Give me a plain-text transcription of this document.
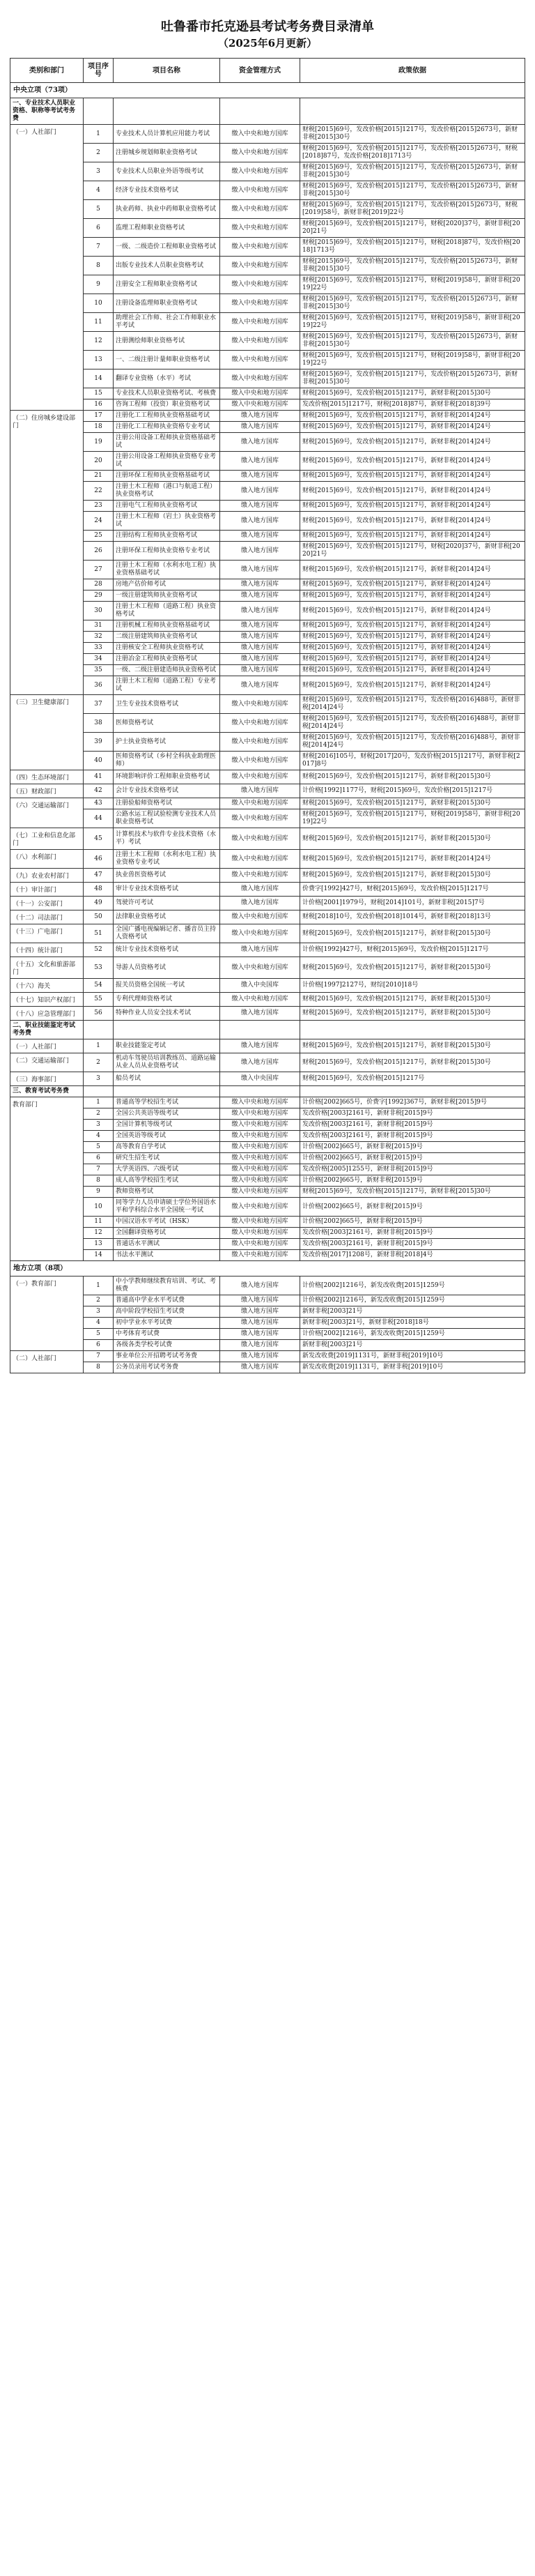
吐鲁番市托克逊县考试考务费目录清单
（2025年6月更新）
类别和部门	项目序号	项目名称	资金管理方式	政策依据
中央立项（73项）				
一、专业技术人员职业资格、职称等考试考务费				
（一）人社部门	1	专业技术人员计算机应用能力考试	缴入中央和地方国库	财税[2015]69号，发改价格[2015]1217号，发改价格[2015]2673号，新财非税[2015]30号
	2	注册城乡规划师职业资格考试	缴入中央和地方国库	财税[2015]69号，发改价格[2015]1217号，发改价格[2015]2673号，财税[2018]87号，发改价格[2018]1713号
	3	专业技术人员职业外语等级考试	缴入中央和地方国库	财税[2015]69号，发改价格[2015]1217号，发改价格[2015]2673号，新财非税[2015]30号
	4	经济专业技术资格考试	缴入中央和地方国库	财税[2015]69号，发改价格[2015]1217号，发改价格[2015]2673号，新财非税[2015]30号
	5	执业药师、执业中药师职业资格考试	缴入中央和地方国库	财税[2015]69号，发改价格[2015]1217号，发改价格[2015]2673号，财税[2019]58号，新财非税[2019]22号
	6	监理工程师职业资格考试	缴入中央和地方国库	财税[2015]69号，发改价格[2015]1217号，财税[2020]37号，新财非税[2020]21号
	7	一级、二级造价工程师职业资格考试	缴入中央和地方国库	财税[2015]69号，发改价格[2015]1217号，财税[2018]87号，发改价格[2018]1713号
	8	出版专业技术人员职业资格考试	缴入中央和地方国库	财税[2015]69号，发改价格[2015]1217号，发改价格[2015]2673号，新财非税[2015]30号
	9	注册安全工程师职业资格考试	缴入中央和地方国库	财税[2015]69号，发改价格[2015]1217号，财税[2019]58号，新财非税[2019]22号
	10	注册设备监理师职业资格考试	缴入中央和地方国库	财税[2015]69号，发改价格[2015]1217号，发改价格[2015]2673号，新财非税[2015]30号
	11	助理社会工作师、社会工作师职业水平考试	缴入中央和地方国库	财税[2015]69号，发改价格[2015]1217号，财税[2019]58号，新财非税[2019]22号
	12	注册测绘师职业资格考试	缴入中央和地方国库	财税[2015]69号，发改价格[2015]1217号，发改价格[2015]2673号，新财非税[2015]30号
	13	一、二级注册计量师职业资格考试	缴入中央和地方国库	财税[2015]69号，发改价格[2015]1217号，财税[2019]58号，新财非税[2019]22号
	14	翻译专业资格（水平）考试	缴入中央和地方国库	财税[2015]69号，发改价格[2015]1217号，发改价格[2015]2673号，新财非税[2015]30号
	15	专业技术人员职业资格考试、考核费	缴入中央和地方国库	财税[2015]69号，发改价格[2015]1217号，新财非税[2015]30号
	16	咨询工程师（投资）职业资格考试	缴入中央和地方国库	发改价格[2015]1217号，财税[2018]87号，新财非税[2018]39号
（二）住房城乡建设部门	17	注册化工工程师执业资格基础考试	缴入地方国库	财税[2015]69号，发改价格[2015]1217号，新财非税[2014]24号
	18	注册化工工程师执业资格专业考试	缴入地方国库	财税[2015]69号，发改价格[2015]1217号，新财非税[2014]24号
	19	注册公用设备工程师执业资格基础考试	缴入地方国库	财税[2015]69号，发改价格[2015]1217号，新财非税[2014]24号
	20	注册公用设备工程师执业资格专业考试	缴入地方国库	财税[2015]69号，发改价格[2015]1217号，新财非税[2014]24号
	21	注册环保工程师执业资格基础考试	缴入地方国库	财税[2015]69号，发改价格[2015]1217号，新财非税[2014]24号
	22	注册土木工程师（港口与航道工程）执业资格考试	缴入地方国库	财税[2015]69号，发改价格[2015]1217号，新财非税[2014]24号
	23	注册电气工程师执业资格考试	缴入地方国库	财税[2015]69号，发改价格[2015]1217号，新财非税[2014]24号
	24	注册土木工程师（岩土）执业资格考试	缴入地方国库	财税[2015]69号，发改价格[2015]1217号，新财非税[2014]24号
	25	注册结构工程师执业资格考试	缴入地方国库	财税[2015]69号，发改价格[2015]1217号，新财非税[2014]24号
	26	注册环保工程师执业资格专业考试	缴入地方国库	财税[2015]69号，发改价格[2015]1217号，财税[2020]37号，新财非税[2020]21号
	27	注册土木工程师（水利水电工程）执业资格基础考试	缴入地方国库	财税[2015]69号，发改价格[2015]1217号，新财非税[2014]24号
	28	房地产估价师考试	缴入地方国库	财税[2015]69号，发改价格[2015]1217号，新财非税[2014]24号
	29	一级注册建筑师执业资格考试	缴入地方国库	财税[2015]69号，发改价格[2015]1217号，新财非税[2014]24号
	30	注册土木工程师（道路工程）执业资格考试	缴入地方国库	财税[2015]69号，发改价格[2015]1217号，新财非税[2014]24号
	31	注册机械工程师执业资格基础考试	缴入地方国库	财税[2015]69号，发改价格[2015]1217号，新财非税[2014]24号
	32	二级注册建筑师执业资格考试	缴入地方国库	财税[2015]69号，发改价格[2015]1217号，新财非税[2014]24号
	33	注册核安全工程师执业资格考试	缴入地方国库	财税[2015]69号，发改价格[2015]1217号，新财非税[2014]24号
	34	注册冶金工程师执业资格考试	缴入地方国库	财税[2015]69号，发改价格[2015]1217号，新财非税[2014]24号
	35	一级、二级注册建造师执业资格考试	缴入地方国库	财税[2015]69号，发改价格[2015]1217号，新财非税[2014]24号
	36	注册土木工程师（道路工程）专业考试	缴入地方国库	财税[2015]69号，发改价格[2015]1217号，新财非税[2014]24号
（三）卫生健康部门	37	卫生专业技术资格考试	缴入中央和地方国库	财税[2015]69号，发改价格[2015]1217号，发改价格[2016]488号，新财非税[2014]24号
	38	医师资格考试	缴入中央和地方国库	财税[2015]69号，发改价格[2015]1217号，发改价格[2016]488号，新财非税[2014]24号
	39	护士执业资格考试	缴入中央和地方国库	财税[2015]69号，发改价格[2015]1217号，发改价格[2016]488号，新财非税[2014]24号
	40	医师资格考试（乡村全科执业助理医师）	缴入中央和地方国库	财税[2016]105号，财税[2017]20号，发改价格[2015]1217号，新财非税[2017]8号
（四）生态环境部门	41	环境影响评价工程师职业资格考试	缴入中央和地方国库	财税[2015]69号，发改价格[2015]1217号，新财非税[2015]30号
（五）财政部门	42	会计专业技术资格考试	缴入地方国库	计价格[1992]1177号，财税[2015]69号，发改价格[2015]1217号
（六）交通运输部门	43	注册验船师资格考试	缴入中央和地方国库	财税[2015]69号，发改价格[2015]1217号，新财非税[2015]30号
	44	公路水运工程试验检测专业技术人员职业资格考试	缴入中央和地方国库	财税[2015]69号，发改价格[2015]1217号，财税[2019]58号，新财非税[2019]22号
（七）工业和信息化部门	45	计算机技术与软件专业技术资格（水平）考试	缴入中央和地方国库	财税[2015]69号，发改价格[2015]1217号，新财非税[2015]30号
（八）水利部门	46	注册土木工程师（水利水电工程）执业资格专业考试	缴入中央和地方国库	财税[2015]69号，发改价格[2015]1217号，新财非税[2014]24号
（九）农业农村部门	47	执业兽医资格考试	缴入中央和地方国库	财税[2015]69号，发改价格[2015]1217号，新财非税[2015]30号
（十）审计部门	48	审计专业技术资格考试	缴入地方国库	价费字[1992]427号，财税[2015]69号，发改价格[2015]1217号
（十一）公安部门	49	驾驶许可考试	缴入地方国库	计价格[2001]1979号，财税[2014]101号，新财非税[2015]7号
（十二）司法部门	50	法律职业资格考试	缴入中央和地方国库	财税[2018]10号，发改价格[2018]1014号，新财非税[2018]13号
（十三）广电部门	51	全国广播电视编辑记者、播音员主持人资格考试	缴入中央和地方国库	财税[2015]69号，发改价格[2015]1217号，新财非税[2015]30号
（十四）统计部门	52	统计专业技术资格考试	缴入地方国库	计价格[1992]427号，财税[2015]69号，发改价格[2015]1217号
（十五）文化和旅游部门	53	导游人员资格考试	缴入中央和地方国库	财税[2015]69号，发改价格[2015]1217号，新财非税[2015]30号
（十六）海关	54	报关员资格全国统一考试	缴入中央国库	计价格[1997]2127号，财综[2010]18号
（十七）知识产权部门	55	专利代理师资格考试	缴入中央和地方国库	财税[2015]69号，发改价格[2015]1217号，新财非税[2015]30号
（十八）应急管理部门	56	特种作业人员安全技术考试	缴入地方国库	财税[2015]69号，发改价格[2015]1217号，新财非税[2015]30号
二、职业技能鉴定考试考务费				
（一）人社部门	1	职业技能鉴定考试	缴入地方国库	财税[2015]69号，发改价格[2015]1217号，新财非税[2015]30号
（二）交通运输部门	2	机动车驾驶员培训教练员、道路运输从业人员从业资格考试	缴入地方国库	财税[2015]69号，发改价格[2015]1217号，新财非税[2015]30号
（三）海事部门	3	船员考试	缴入中央国库	财税[2015]69号，发改价格[2015]1217号
三、教育考试考务费				
教育部门	1	普通高等学校招生考试	缴入中央和地方国库	计价格[2002]665号，价费字[1992]367号，新财非税[2015]9号
	2	全国公共英语等级考试	缴入中央和地方国库	发改价格[2003]2161号，新财非税[2015]9号
	3	全国计算机等级考试	缴入中央和地方国库	发改价格[2003]2161号，新财非税[2015]9号
	4	全国英语等级考试	缴入中央和地方国库	发改价格[2003]2161号，新财非税[2015]9号
	5	高等教育自学考试	缴入中央和地方国库	计价格[2002]665号，新财非税[2015]9号
	6	研究生招生考试	缴入中央和地方国库	计价格[2002]665号，新财非税[2015]9号
	7	大学英语四、六级考试	缴入中央和地方国库	发改价格[2005]1255号，新财非税[2015]9号
	8	成人高等学校招生考试	缴入中央和地方国库	计价格[2002]665号，新财非税[2015]9号
	9	教师资格考试	缴入中央和地方国库	财税[2015]69号，发改价格[2015]1217号，新财非税[2015]30号
	10	同等学力人员申请硕士学位外国语水平和学科综合水平全国统一考试	缴入中央和地方国库	计价格[2002]665号，新财非税[2015]9号
	11	中国汉语水平考试（HSK）	缴入中央和地方国库	计价格[2002]665号，新财非税[2015]9号
	12	全国翻译资格考试	缴入中央和地方国库	发改价格[2003]2161号，新财非税[2015]9号
	13	普通话水平测试	缴入中央和地方国库	发改价格[2003]2161号，新财非税[2015]9号
	14	书法水平测试	缴入中央和地方国库	发改价格[2017]1208号，新财非税[2018]4号
地方立项（8项）				
（一）教育部门	1	中小学教师继续教育培训、考试、考核费	缴入地方国库	计价格[2002]1216号，新发改收费[2015]1259号
	2	普通高中学业水平考试费	缴入地方国库	计价格[2002]1216号，新发改收费[2015]1259号
	3	高中阶段学校招生考试费	缴入地方国库	新财非税[2003]21号
	4	初中学业水平考试费	缴入地方国库	新财非税[2003]21号，新财非税[2018]18号
	5	中考体育考试费	缴入地方国库	计价格[2002]1216号，新发改收费[2015]1259号
	6	各级各类学校考试费	缴入地方国库	新财非税[2003]21号
（二）人社部门	7	事业单位公开招聘考试考务费	缴入地方国库	新发改收费[2019]1131号，新财非税[2019]10号
	8	公务员录用考试考务费	缴入地方国库	新发改收费[2019]1131号，新财非税[2019]10号
